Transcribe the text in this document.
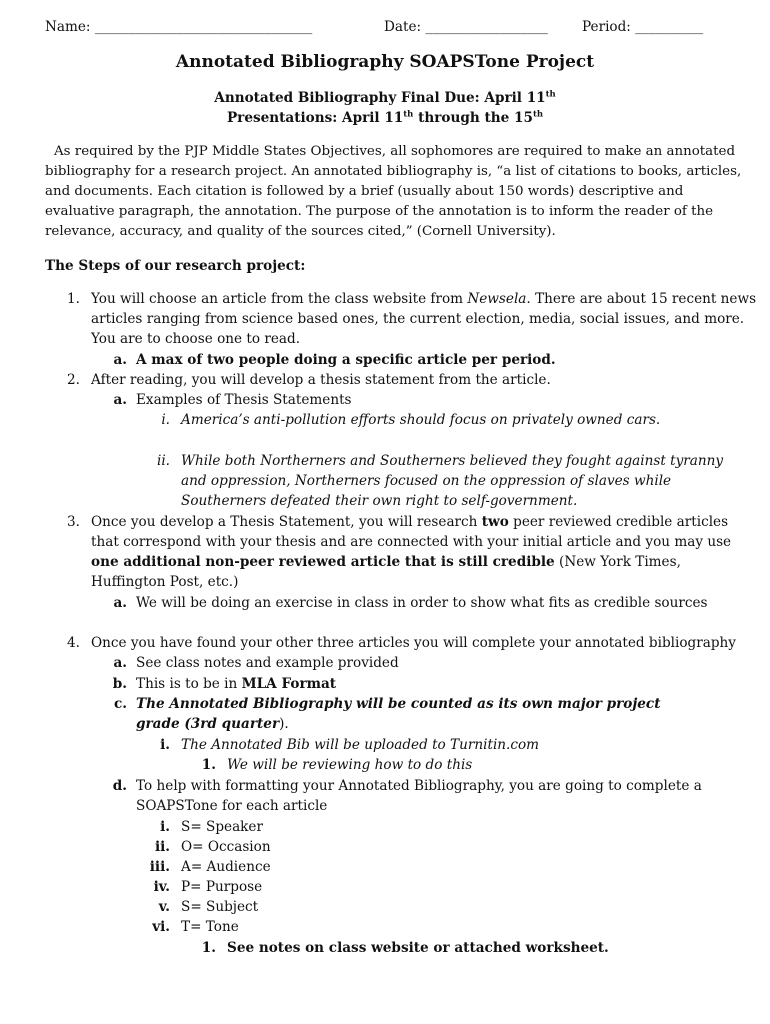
Name: ________________________________	Date: __________________	Period: __________
Annotated Bibliography SOAPSTone Project
Annotated Bibliography Final Due: April 11th
Presentations: April 11th through the 15th
As required by the PJP Middle States Objectives, all sophomores are required to make an annotated
bibliography for a research project. An annotated bibliography is, “a list of citations to books, articles,
and documents. Each citation is followed by a brief (usually about 150 words) descriptive and
evaluative paragraph, the annotation. The purpose of the annotation is to inform the reader of the
relevance, accuracy, and quality of the sources cited,” (Cornell University).
The Steps of our research project:
1. You will choose an article from the class website from Newsela. There are about 15 recent news
articles ranging from science based ones, the current election, media, social issues, and more.
You are to choose one to read.
a. A max of two people doing a specific article per period.
2. After reading, you will develop a thesis statement from the article.
a. Examples of Thesis Statements
i. America’s anti-pollution efforts should focus on privately owned cars.
ii. While both Northerners and Southerners believed they fought against tyranny
and oppression, Northerners focused on the oppression of slaves while
Southerners defeated their own right to self-government.
3. Once you develop a Thesis Statement, you will research two peer reviewed credible articles
that correspond with your thesis and are connected with your initial article and you may use
one additional non-peer reviewed article that is still credible (New York Times,
Huffington Post, etc.)
a. We will be doing an exercise in class in order to show what fits as credible sources
4. Once you have found your other three articles you will complete your annotated bibliography
a. See class notes and example provided
b. This is to be in MLA Format
c. The Annotated Bibliography will be counted as its own major project
grade (3rd quarter).
i. The Annotated Bib will be uploaded to Turnitin.com
1. We will be reviewing how to do this
d. To help with formatting your Annotated Bibliography, you are going to complete a
SOAPSTone for each article
i. S= Speaker
ii. O= Occasion
iii. A= Audience
iv. P= Purpose
v. S= Subject
vi. T= Tone
1. See notes on class website or attached worksheet.
